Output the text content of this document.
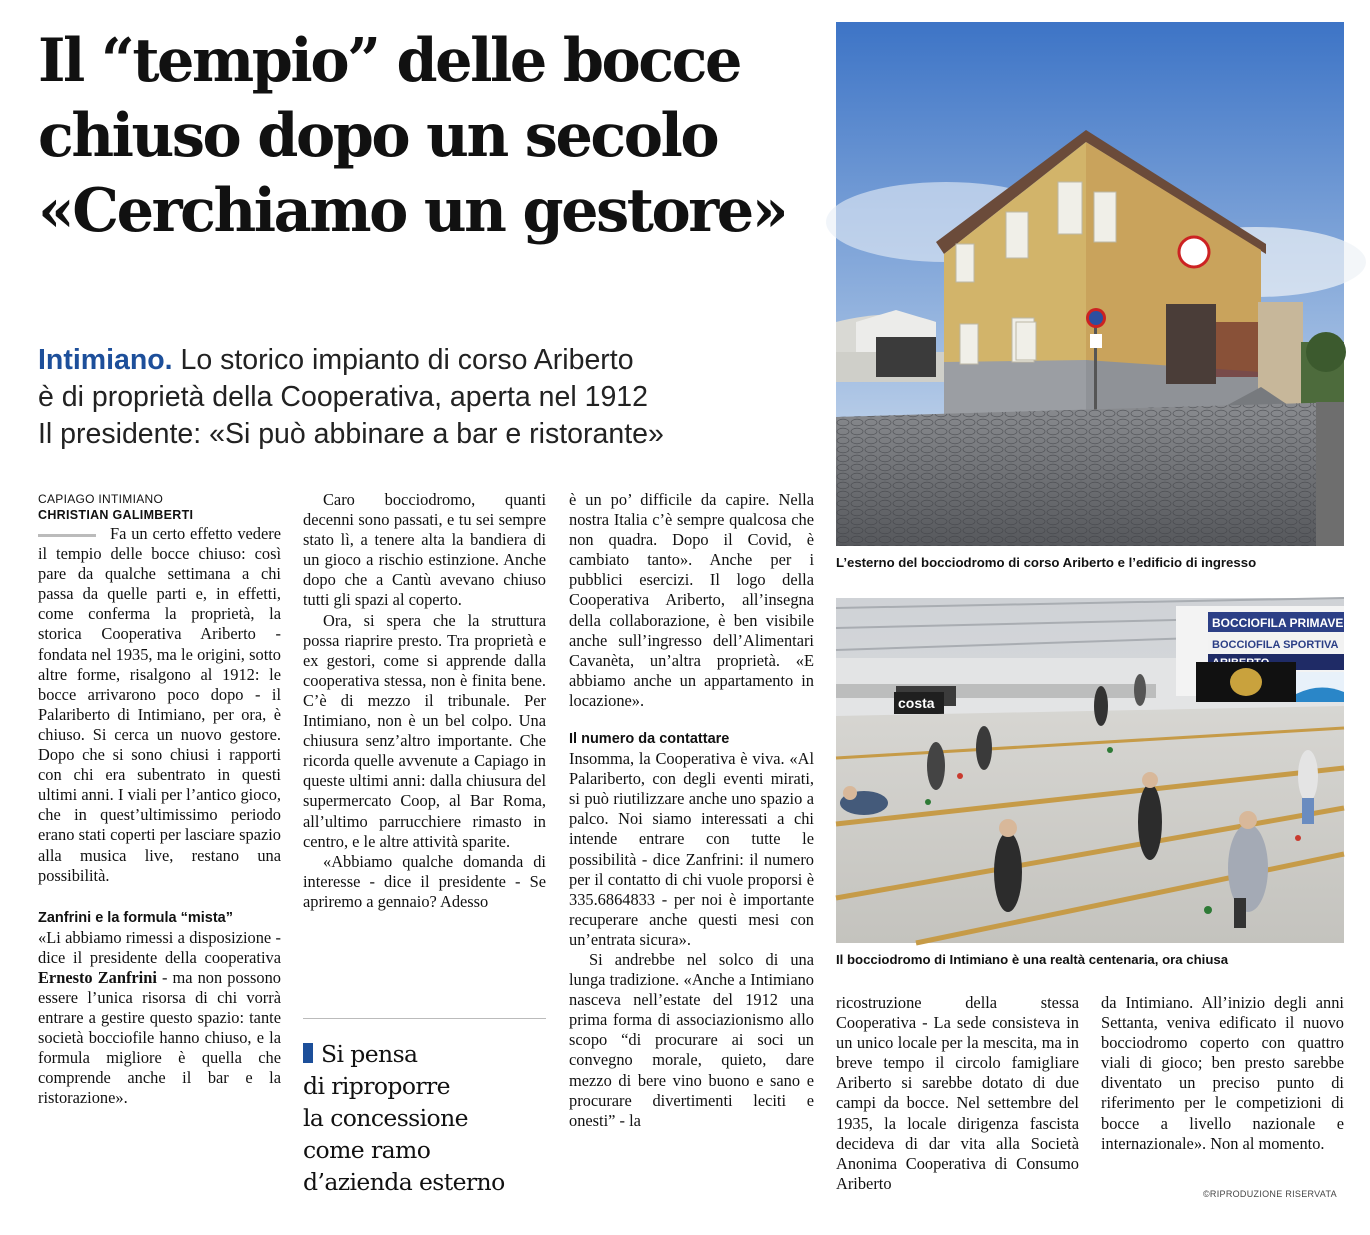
Il “tempio” delle bocce
chiuso dopo un secolo
«Cerchiamo un gestore»
Intimiano. Lo storico impianto di corso Ariberto
è di proprietà della Cooperativa, aperta nel 1912
Il presidente: «Si può abbinare a bar e ristorante»
CAPIAGO INTIMIANO
CHRISTIAN GALIMBERTI

Fa un certo effetto vedere il tempio delle bocce chiuso: così pare da qualche settimana a chi passa da quelle parti e, in effetti, come conferma la proprietà, la storica Cooperativa Ariberto - fondata nel 1935, ma le origini, sotto altre forme, risalgono al 1912: le bocce arrivarono poco dopo - il Palariberto di Intimiano, per ora, è chiuso. Si cerca un nuovo gestore. Dopo che si sono chiusi i rapporti con chi era subentrato in questi ultimi anni. I viali per l’antico gioco, che in quest’ultimissimo periodo erano stati coperti per lasciare spazio alla musica live, restano una possibilità.

Zanfrini e la formula “mista”

«Li abbiamo rimessi a disposizione - dice il presidente della cooperativa Ernesto Zanfrini - ma non possono essere l’unica risorsa di chi vorrà entrare a gestire questo spazio: tante società bocciofile hanno chiuso, e la formula migliore è quella che comprende anche il bar e la ristorazione».

Caro bocciodromo, quanti decenni sono passati, e tu sei sempre stato lì, a tenere alta la bandiera di un gioco a rischio estinzione. Anche dopo che a Cantù avevano chiuso tutti gli spazi al coperto.

Ora, si spera che la struttura possa riaprire presto. Tra proprietà e ex gestori, come si apprende dalla cooperativa stessa, non è finita bene. C’è di mezzo il tribunale. Per Intimiano, non è un bel colpo. Una chiusura senz’altro importante. Che ricorda quelle avvenute a Capiago in queste ultimi anni: dalla chiusura del supermercato Coop, al Bar Roma, all’ultimo parrucchiere rimasto in centro, e le altre attività sparite.

«Abbiamo qualche domanda di interesse - dice il presidente - Se apriremo a gennaio? Adesso

Si pensa
di riproporre
la concessione
come ramo
d’azienda esterno

è un po’ difficile da capire. Nella nostra Italia c’è sempre qualcosa che non quadra. Dopo il Covid, è cambiato tanto». Anche per i pubblici esercizi. Il logo della Cooperativa Ariberto, all’insegna della collaborazione, è ben visibile anche sull’ingresso dell’Alimentari Cavanèta, un’altra proprietà. «E abbiamo anche un appartamento in locazione».

Il numero da contattare

Insomma, la Cooperativa è viva. «Al Palariberto, con degli eventi mirati, si può riutilizzare anche uno spazio a palco. Noi siamo interessati a chi intende entrare con tutte le possibilità - dice Zanfrini: il numero per il contatto di chi vuole proporsi è 335.6864833 - per noi è importante recuperare anche questi mesi con un’entrata sicura».

Si andrebbe nel solco di una lunga tradizione. «Anche a Intimiano nasceva nell’estate del 1912 una prima forma di associazionismo allo scopo “di procurare ai soci un convegno morale, quieto, dare mezzo di bere vino buono e sano e procurare divertimenti leciti e onesti” - la

L’esterno del bocciodromo di corso Ariberto e l’edificio di ingresso
BOCCIOFILA PRIMAVERA
BOCCIOFILA SPORTIVA
costa
Il bocciodromo di Intimiano è una realtà centenaria, ora chiusa

ricostruzione della stessa Cooperativa - La sede consisteva in un unico locale per la mescita, ma in breve tempo il circolo famigliare Ariberto si sarebbe dotato di due campi da bocce. Nel settembre del 1935, la locale dirigenza fascista decideva di dar vita alla Società Anonima Cooperativa di Consumo Ariberto

da Intimiano. All’inizio degli anni Settanta, veniva edificato il nuovo bocciodromo coperto con quattro viali di gioco; ben presto sarebbe diventato un preciso punto di riferimento per le competizioni di bocce a livello nazionale e internazionale». Non al momento.

©RIPRODUZIONE RISERVATA
